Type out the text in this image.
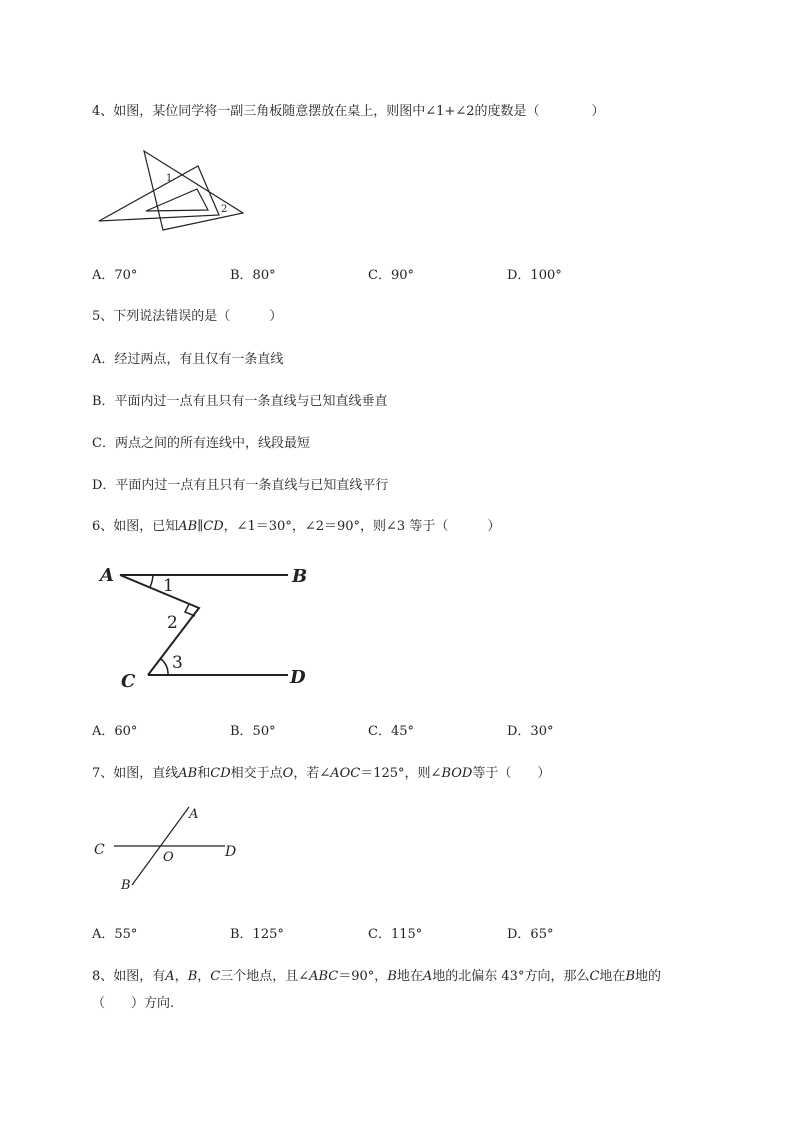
4、如图，某位同学将一副三角板随意摆放在桌上，则图中∠1+∠2的度数是（　　　　）
1
2
A．70°	B．80°	C．90°	D．100°
5、下列说法错误的是（　　　）
A．经过两点，有且仅有一条直线
B．平面内过一点有且只有一条直线与已知直线垂直
C．两点之间的所有连线中，线段最短
D．平面内过一点有且只有一条直线与已知直线平行
6、如图，已知AB∥CD，∠1＝30°，∠2＝90°，则∠3 等于（　　　）
A	B
C	D
1
2
3
A．60°	B．50°	C．45°	D．30°
7、如图，直线AB和CD相交于点O，若∠AOC＝125°，则∠BOD等于（　　）
A
B
C	D
O
A．55°	B．125°	C．115°	D．65°
8、如图，有A，B，C三个地点，且∠ABC＝90°，B地在A地的北偏东 43°方向，那么C地在B地的
（　　）方向.
